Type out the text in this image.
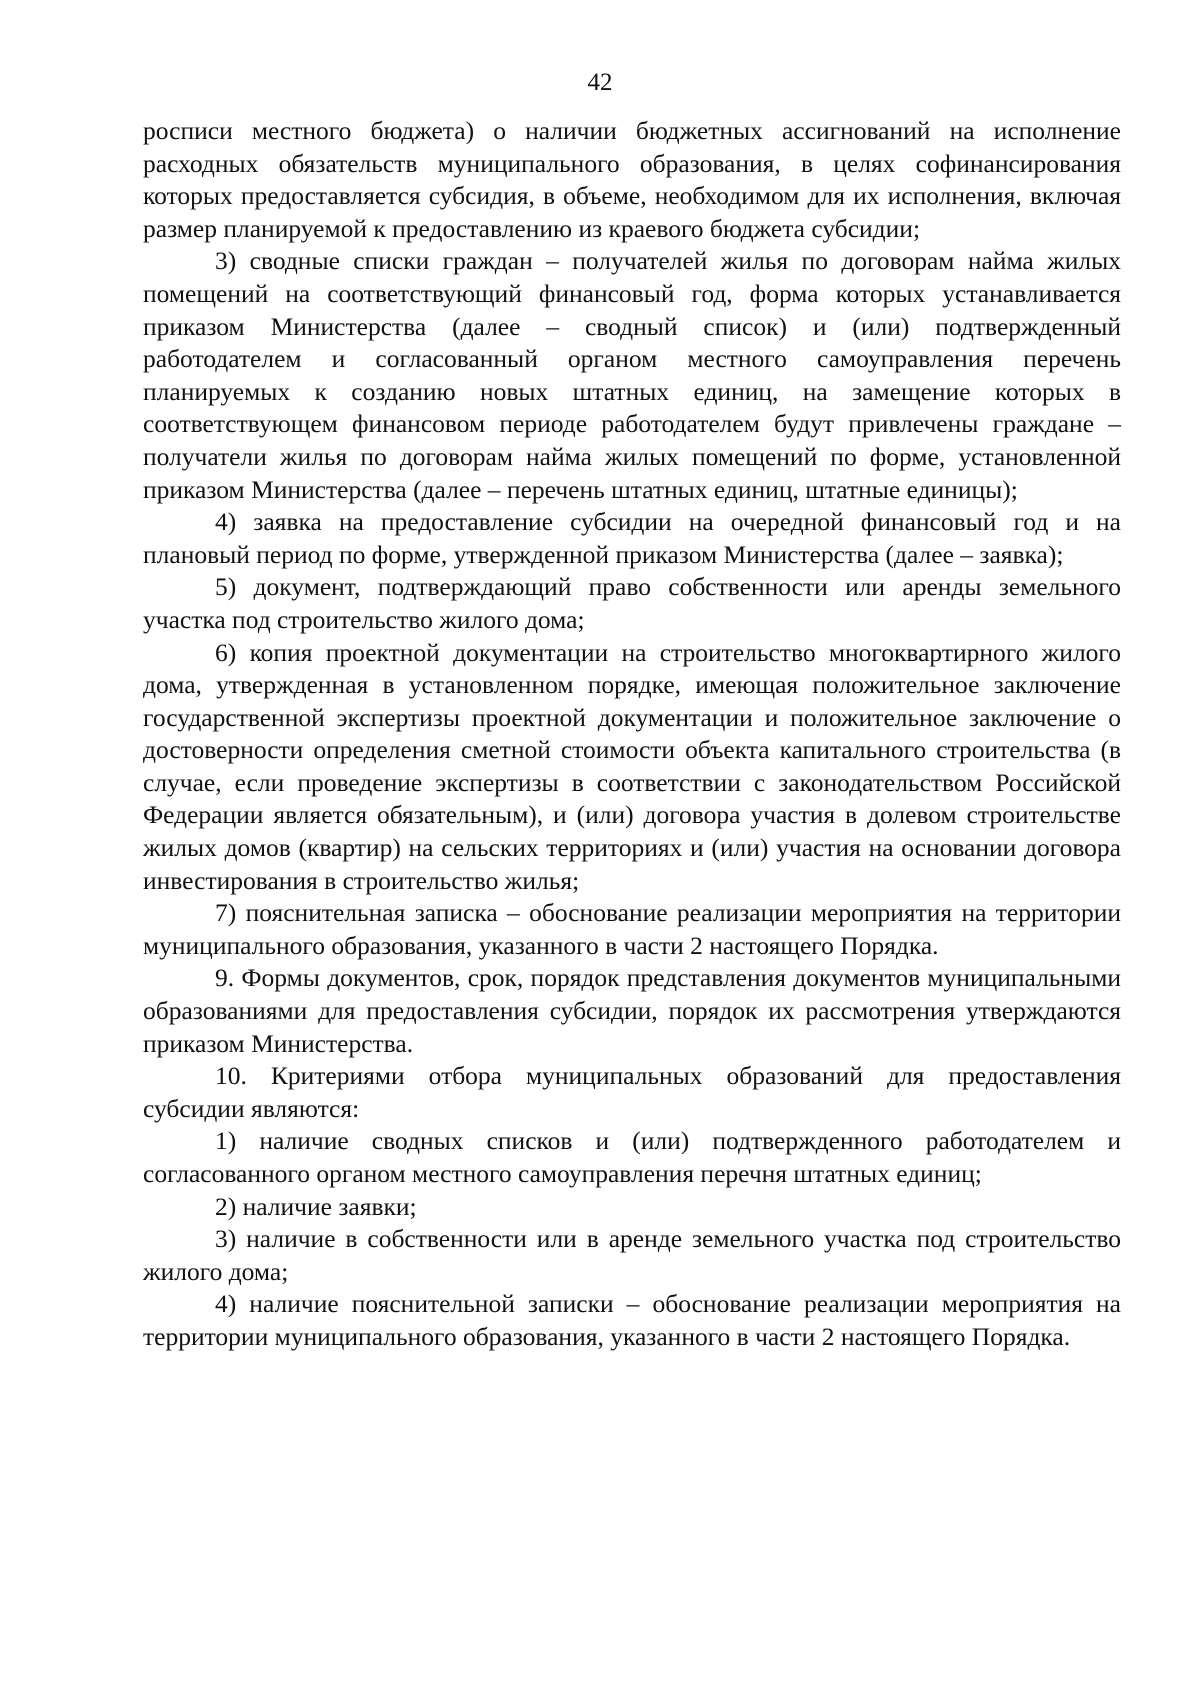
42

росписи местного бюджета) о наличии бюджетных ассигнований на исполнение расходных обязательств муниципального образования, в целях софинансирования которых предоставляется субсидия, в объеме, необходимом для их исполнения, включая размер планируемой к предоставлению из краевого бюджета субсидии;

3) сводные списки граждан – получателей жилья по договорам найма жилых помещений на соответствующий финансовый год, форма которых устанавливается приказом Министерства (далее – сводный список) и (или) подтвержденный работодателем и согласованный органом местного самоуправления перечень планируемых к созданию новых штатных единиц, на замещение которых в соответствующем финансовом периоде работодателем будут привлечены граждане – получатели жилья по договорам найма жилых помещений по форме, установленной приказом Министерства (далее – перечень штатных единиц, штатные единицы);

4) заявка на предоставление субсидии на очередной финансовый год и на плановый период по форме, утвержденной приказом Министерства (далее – заявка);

5) документ, подтверждающий право собственности или аренды земельного участка под строительство жилого дома;

6) копия проектной документации на строительство многоквартирного жилого дома, утвержденная в установленном порядке, имеющая положительное заключение государственной экспертизы проектной документации и положительное заключение о достоверности определения сметной стоимости объекта капитального строительства (в случае, если проведение экспертизы в соответствии с законодательством Российской Федерации является обязательным), и (или) договора участия в долевом строительстве жилых домов (квартир) на сельских территориях и (или) участия на основании договора инвестирования в строительство жилья;

7) пояснительная записка – обоснование реализации мероприятия на территории муниципального образования, указанного в части 2 настоящего Порядка.

9. Формы документов, срок, порядок представления документов муниципальными образованиями для предоставления субсидии, порядок их рассмотрения утверждаются приказом Министерства.

10. Критериями отбора муниципальных образований для предоставления субсидии являются:

1) наличие сводных списков и (или) подтвержденного работодателем и согласованного органом местного самоуправления перечня штатных единиц;

2) наличие заявки;

3) наличие в собственности или в аренде земельного участка под строительство жилого дома;

4) наличие пояснительной записки – обоснование реализации мероприятия на территории муниципального образования, указанного в части 2 настоящего Порядка.
